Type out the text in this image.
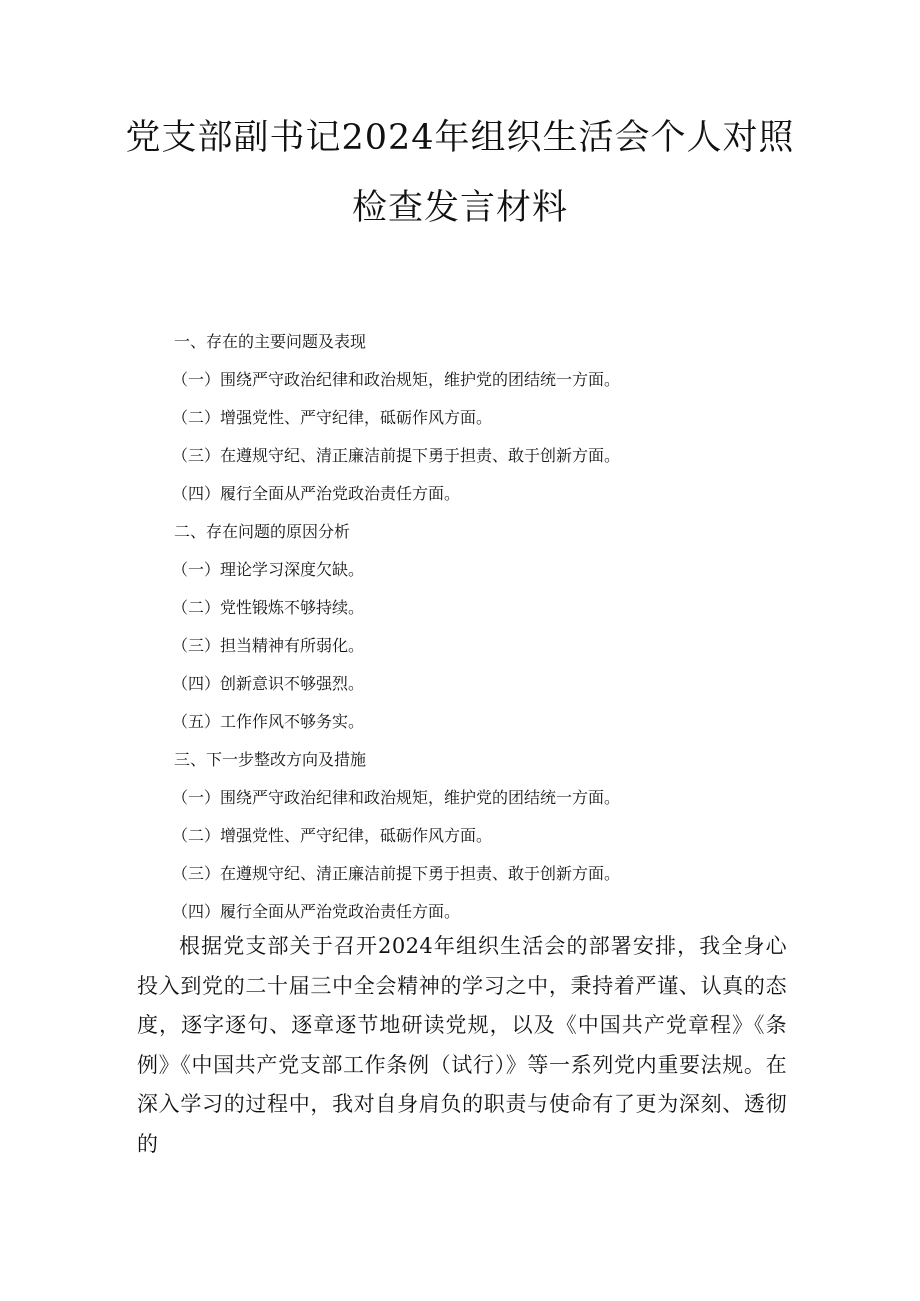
党支部副书记2024年组织生活会个人对照
检查发言材料
一、存在的主要问题及表现
（一）围绕严守政治纪律和政治规矩，维护党的团结统一方面。
（二）增强党性、严守纪律，砥砺作风方面。
（三）在遵规守纪、清正廉洁前提下勇于担责、敢于创新方面。
（四）履行全面从严治党政治责任方面。
二、存在问题的原因分析
（一）理论学习深度欠缺。
（二）党性锻炼不够持续。
（三）担当精神有所弱化。
（四）创新意识不够强烈。
（五）工作作风不够务实。
三、下一步整改方向及措施
（一）围绕严守政治纪律和政治规矩，维护党的团结统一方面。
（二）增强党性、严守纪律，砥砺作风方面。
（三）在遵规守纪、清正廉洁前提下勇于担责、敢于创新方面。
（四）履行全面从严治党政治责任方面。

根据党支部关于召开2024年组织生活会的部署安排，我全身心投入到党的二十届三中全会精神的学习之中，秉持着严谨、认真的态度，逐字逐句、逐章逐节地研读党规，以及《中国共产党章程》《条例》《中国共产党支部工作条例（试行）》等一系列党内重要法规。在深入学习的过程中，我对自身肩负的职责与使命有了更为深刻、透彻的
